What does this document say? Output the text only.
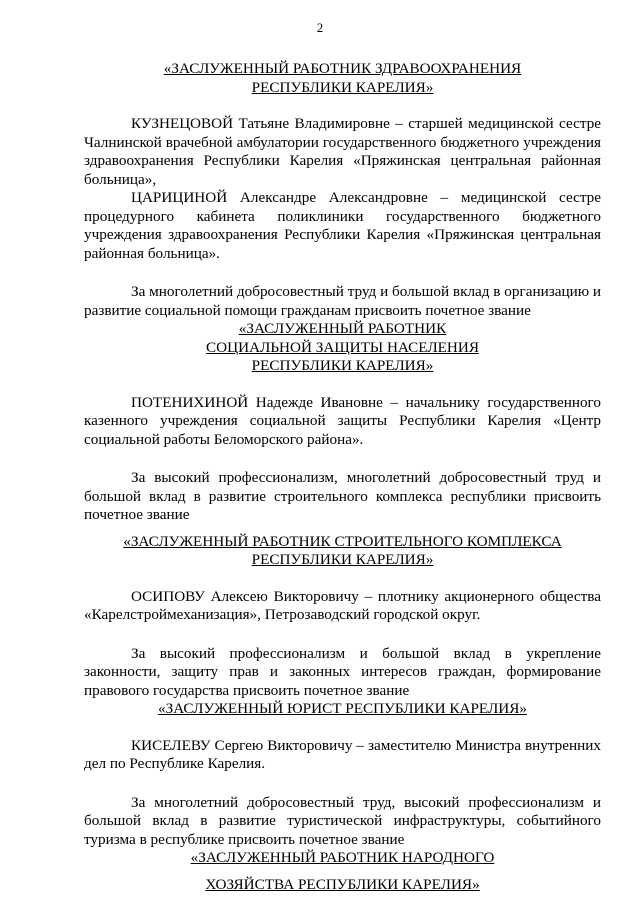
2
«ЗАСЛУЖЕННЫЙ РАБОТНИК ЗДРАВООХРАНЕНИЯ
РЕСПУБЛИКИ КАРЕЛИЯ»

КУЗНЕЦОВОЙ Татьяне Владимировне – старшей медицинской сестре Чалнинской врачебной амбулатории государственного бюджетного учреждения здравоохранения Республики Карелия «Пряжинская центральная районная больница»,

ЦАРИЦИНОЙ Александре Александровне – медицинской сестре процедурного кабинета поликлиники государственного бюджетного учреждения здравоохранения Республики Карелия «Пряжинская центральная районная больница».

За многолетний добросовестный труд и большой вклад в организацию и развитие социальной помощи гражданам присвоить почетное звание

«ЗАСЛУЖЕННЫЙ РАБОТНИК
СОЦИАЛЬНОЙ ЗАЩИТЫ НАСЕЛЕНИЯ
РЕСПУБЛИКИ КАРЕЛИЯ»

ПОТЕНИХИНОЙ Надежде Ивановне – начальнику государственного казенного учреждения социальной защиты Республики Карелия «Центр социальной работы Беломорского района».

За высокий профессионализм, многолетний добросовестный труд и большой вклад в развитие строительного комплекса республики присвоить почетное звание

«ЗАСЛУЖЕННЫЙ РАБОТНИК СТРОИТЕЛЬНОГО КОМПЛЕКСА
РЕСПУБЛИКИ КАРЕЛИЯ»

ОСИПОВУ Алексею Викторовичу – плотнику акционерного общества «Карелстроймеханизация», Петрозаводский городской округ.

За высокий профессионализм и большой вклад в укрепление законности, защиту прав и законных интересов граждан, формирование правового государства присвоить почетное звание

«ЗАСЛУЖЕННЫЙ ЮРИСТ РЕСПУБЛИКИ КАРЕЛИЯ»

КИСЕЛЕВУ Сергею Викторовичу – заместителю Министра внутренних дел по Республике Карелия.

За многолетний добросовестный труд, высокий профессионализм и большой вклад в развитие туристической инфраструктуры, событийного туризма в республике присвоить почетное звание

«ЗАСЛУЖЕННЫЙ РАБОТНИК НАРОДНОГО
ХОЗЯЙСТВА РЕСПУБЛИКИ КАРЕЛИЯ»
